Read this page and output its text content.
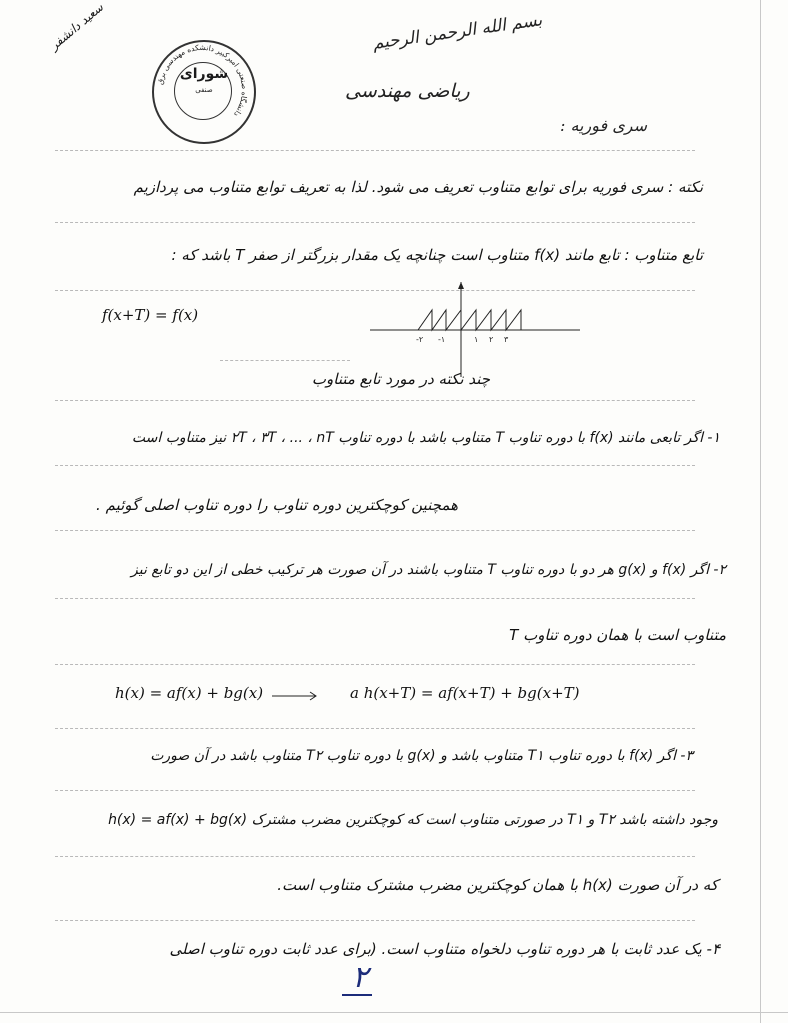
دانشگاه صنعتی امیرکبیر دانشکده مهندسی برق
شورای
صنفی
سعید دانشفر	بسم الله الرحمن الرحیم
ریاضی مهندسی
سری فوریه :
نکته : سری فوریه برای توابع متناوب تعریف می شود. لذا به تعریف توابع متناوب می پردازیم
تابع متناوب : تابع مانند f(x) متناوب است چنانچه یک مقدار بزرگتر از صفر T باشد که :
f(x+T) = f(x)
-۲ -۱	۱ ۲ ۳
چند نکته در مورد تابع متناوب
۱- اگر تابعی مانند f(x) با دوره تناوب T متناوب باشد با دوره تناوب ۲T ، ۳T ، ... ، nT نیز متناوب است
همچنین کوچکترین دوره تناوب را دوره تناوب اصلی گوئیم .
۲- اگر f(x) و g(x) هر دو با دوره تناوب T متناوب باشند در آن صورت هر ترکیب خطی از این دو تابع نیز
متناوب است با همان دوره تناوب T
h(x) = af(x) + bg(x)	a h(x+T) = af(x+T) + bg(x+T)
۳- اگر f(x) با دوره تناوب T۱ متناوب باشد و g(x) با دوره تناوب T۲ متناوب باشد در آن صورت
h(x) = af(x) + bg(x) در صورتی متناوب است که کوچکترین مضرب مشترک T۱ و T۲ وجود داشته باشد
که در آن صورت h(x) با همان کوچکترین مضرب مشترک متناوب است.
۴- یک عدد ثابت با هر دوره تناوب دلخواه متناوب است. (برای عدد ثابت دوره تناوب اصلی
۲
